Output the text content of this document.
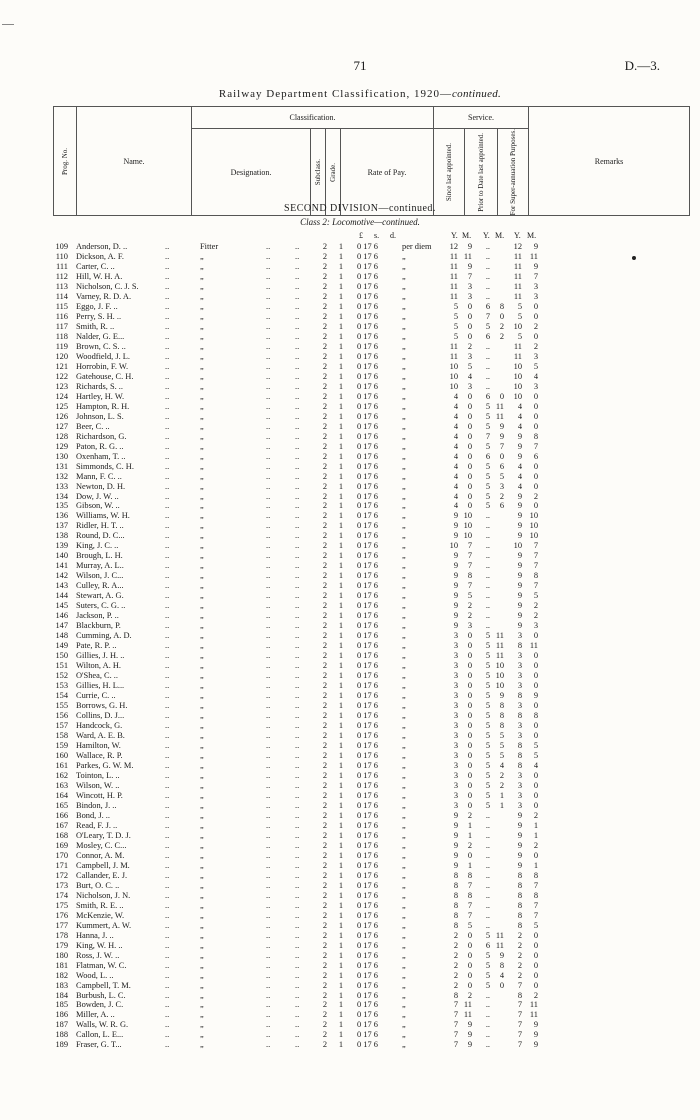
71	D.—3.
Railway Department Classification, 1920—continued.
Prog. No.	Name.	Classification.				Service.			Remarks
		Designation.	Subclass.	Grade.	Rate of Pay.	Since last appointed.	Prior to Date last appointed.	For Super-annuation Purposes.	
SECOND DIVISION—continued.
Class 2: Locomotive—continued.
£ s. d.	Y. M. Y. M. Y. M.
109 Anderson, D. ..	..	Fitter	..	..	2	1	0 17 6	per diem	12	9	..	12	9
110 Dickson, A. F.	..	„	..	..	2	1	0 17 6	„	11 11	..	11 11
111 Carter, C. ..	..	„	..	..	2	1	0 17 6	„	11	9	..	11	9
112 Hill, W. H. A.	..	„	..	..	2	1	0 17 6	„	11	7	..	11	7
113 Nicholson, C. J. S.	..	„	..	..	2	1	0 17 6	„	11	3	..	11	3
114 Varney, R. D. A.	..	„	..	..	2	1	0 17 6	„	11	3	..	11	3
115 Eggo, J. F. ..	..	„	..	..	2	1	0 17 6	„	5	0	6	8	5	0
116 Perry, S. H. ..	..	„	..	..	2	1	0 17 6	„	5	0	7	0	5	0
117 Smith, R. ..	..	„	..	..	2	1	0 17 6	„	5	0	5	2	10	2
118 Nalder, G. E...	..	„	..	..	2	1	0 17 6	„	5	0	6	2	5	0
119 Brown, C. S. ..	..	„	..	..	2	1	0 17 6	„	11	2	..	11	2
120 Woodfield, J. L.	..	„	..	..	2	1	0 17 6	„	11	3	..	11	3
121 Horrobin, F. W.	..	„	..	..	2	1	0 17 6	„	10	5	..	10	5
122 Gatehouse, C. H.	..	„	..	..	2	1	0 17 6	„	10	4	..	10	4
123 Richards, S. ..	..	„	..	..	2	1	0 17 6	„	10	3	..	10	3
124 Hartley, H. W.	..	„	..	..	2	1	0 17 6	„	4	0	6	0	10	0
125 Hampton, R. H.	..	„	..	..	2	1	0 17 6	„	4	0	5 11	4	0
126 Johnson, L. S.	..	„	..	..	2	1	0 17 6	„	4	0	5 11	4	0
127 Beer, C. ..	..	„	..	..	2	1	0 17 6	„	4	0	5	9	4	0
128 Richardson, G.	..	„	..	..	2	1	0 17 6	„	4	0	7	9	9	8
129 Paton, R. G. ..	..	„	..	..	2	1	0 17 6	„	4	0	5	7	9	7
130 Oxenham, T. ..	..	„	..	..	2	1	0 17 6	„	4	0	6	0	9	6
131 Simmonds, C. H.	..	„	..	..	2	1	0 17 6	„	4	0	5	6	4	0
132 Mann, F. C. ..	..	„	..	..	2	1	0 17 6	„	4	0	5	5	4	0
133 Newton, D. H.	..	„	..	..	2	1	0 17 6	„	4	0	5	3	4	0
134 Dow, J. W. ..	..	„	..	..	2	1	0 17 6	„	4	0	5	2	9	2
135 Gibson, W. ..	..	„	..	..	2	1	0 17 6	„	4	0	5	6	9	0
136 Williams, W. H.	..	„	..	..	2	1	0 17 6	„	9 10	..	9 10
137 Ridler, H. T. ..	..	„	..	..	2	1	0 17 6	„	9 10	..	9 10
138 Round, D. C...	..	„	..	..	2	1	0 17 6	„	9 10	..	9 10
139 King, J. C. ..	..	„	..	..	2	1	0 17 6	„	10	7	..	10	7
140 Brough, L. H.	..	„	..	..	2	1	0 17 6	„	9	7	..	9	7
141 Murray, A. L..	..	„	..	..	2	1	0 17 6	„	9	7	..	9	7
142 Wilson, J. C...	..	„	..	..	2	1	0 17 6	„	9	8	..	9	8
143 Culley, R. A...	..	„	..	..	2	1	0 17 6	„	9	7	..	9	7
144 Stewart, A. G.	..	„	..	..	2	1	0 17 6	„	9	5	..	9	5
145 Suters, C. G. ..	..	„	..	..	2	1	0 17 6	„	9	2	..	9	2
146 Jackson, P. ..	..	„	..	..	2	1	0 17 6	„	9	2	..	9	2
147 Blackburn, P.	..	„	..	..	2	1	0 17 6	„	9	3	..	9	3
148 Cumming, A. D.	..	„	..	..	2	1	0 17 6	„	3	0	5 11	3	0
149 Pate, R. P. ..	..	„	..	..	2	1	0 17 6	„	3	0	5 11	8 11
150 Gillies, J. H. ..	..	„	..	..	2	1	0 17 6	„	3	0	5 11	3	0
151 Wilton, A. H.	..	„	..	..	2	1	0 17 6	„	3	0	5 10	3	0
152 O'Shea, C. ..	..	„	..	..	2	1	0 17 6	„	3	0	5 10	3	0
153 Gillies, H. L...	..	„	..	..	2	1	0 17 6	„	3	0	5 10	3	0
154 Currie, C. ..	..	„	..	..	2	1	0 17 6	„	3	0	5	9	8	9
155 Borrows, G. H.	..	„	..	..	2	1	0 17 6	„	3	0	5	8	3	0
156 Collins, D. J...	..	„	..	..	2	1	0 17 6	„	3	0	5	8	8	8
157 Handcock, G.	..	„	..	..	2	1	0 17 6	„	3	0	5	8	3	0
158 Ward, A. E. B.	..	„	..	..	2	1	0 17 6	„	3	0	5	5	3	0
159 Hamilton, W.	..	„	..	..	2	1	0 17 6	„	3	0	5	5	8	5
160 Wallace, R. P.	..	„	..	..	2	1	0 17 6	„	3	0	5	5	8	5
161 Parkes, G. W. M.	..	„	..	..	2	1	0 17 6	„	3	0	5	4	8	4
162 Tointon, L. ..	..	„	..	..	2	1	0 17 6	„	3	0	5	2	3	0
163 Wilson, W. ..	..	„	..	..	2	1	0 17 6	„	3	0	5	2	3	0
164 Wincott, H. P.	..	„	..	..	2	1	0 17 6	„	3	0	5	1	3	0
165 Bindon, J. ..	..	„	..	..	2	1	0 17 6	„	3	0	5	1	3	0
166 Bond, J. ..	..	„	..	..	2	1	0 17 6	„	9	2	..	9	2
167 Read, F. J. ..	..	„	..	..	2	1	0 17 6	„	9	1	..	9	1
168 O'Leary, T. D. J.	..	„	..	..	2	1	0 17 6	„	9	1	..	9	1
169 Mosley, C. C...	..	„	..	..	2	1	0 17 6	„	9	2	..	9	2
170 Connor, A. M.	..	„	..	..	2	1	0 17 6	„	9	0	..	9	0
171 Campbell, J. M.	..	„	..	..	2	1	0 17 6	„	9	1	..	9	1
172 Callander, E. J.	..	„	..	..	2	1	0 17 6	„	8	8	..	8	8
173 Burt, O. C. ..	..	„	..	..	2	1	0 17 6	„	8	7	..	8	7
174 Nicholson, J. N.	..	„	..	..	2	1	0 17 6	„	8	8	..	8	8
175 Smith, R. E. ..	..	„	..	..	2	1	0 17 6	„	8	7	..	8	7
176 McKenzie, W.	..	„	..	..	2	1	0 17 6	„	8	7	..	8	7
177 Kummert, A. W.	..	„	..	..	2	1	0 17 6	„	8	5	..	8	5
178 Hanna, J. ..	..	„	..	..	2	1	0 17 6	„	2	0	5 11	2	0
179 King, W. H. ..	..	„	..	..	2	1	0 17 6	„	2	0	6 11	2	0
180 Ross, J. W. ..	..	„	..	..	2	1	0 17 6	„	2	0	5	9	2	0
181 Flatman, W. C.	..	„	..	..	2	1	0 17 6	„	2	0	5	8	2	0
182 Wood, L. ..	..	„	..	..	2	1	0 17 6	„	2	0	5	4	2	0
183 Campbell, T. M.	..	„	..	..	2	1	0 17 6	„	2	0	5	0	7	0
184 Burbush, L. C.	..	„	..	..	2	1	0 17 6	„	8	2	..	8	2
185 Bowden, J. C.	..	„	..	..	2	1	0 17 6	„	7 11	..	7 11
186 Miller, A. ..	..	„	..	..	2	1	0 17 6	„	7 11	..	7 11
187 Walls, W. R. G.	..	„	..	..	2	1	0 17 6	„	7	9	..	7	9
188 Callon, L. E...	..	„	..	..	2	1	0 17 6	„	7	9	..	7	9
189 Fraser, G. T...	..	„	..	..	2	1	0 17 6	„	7	9	..	7	9
